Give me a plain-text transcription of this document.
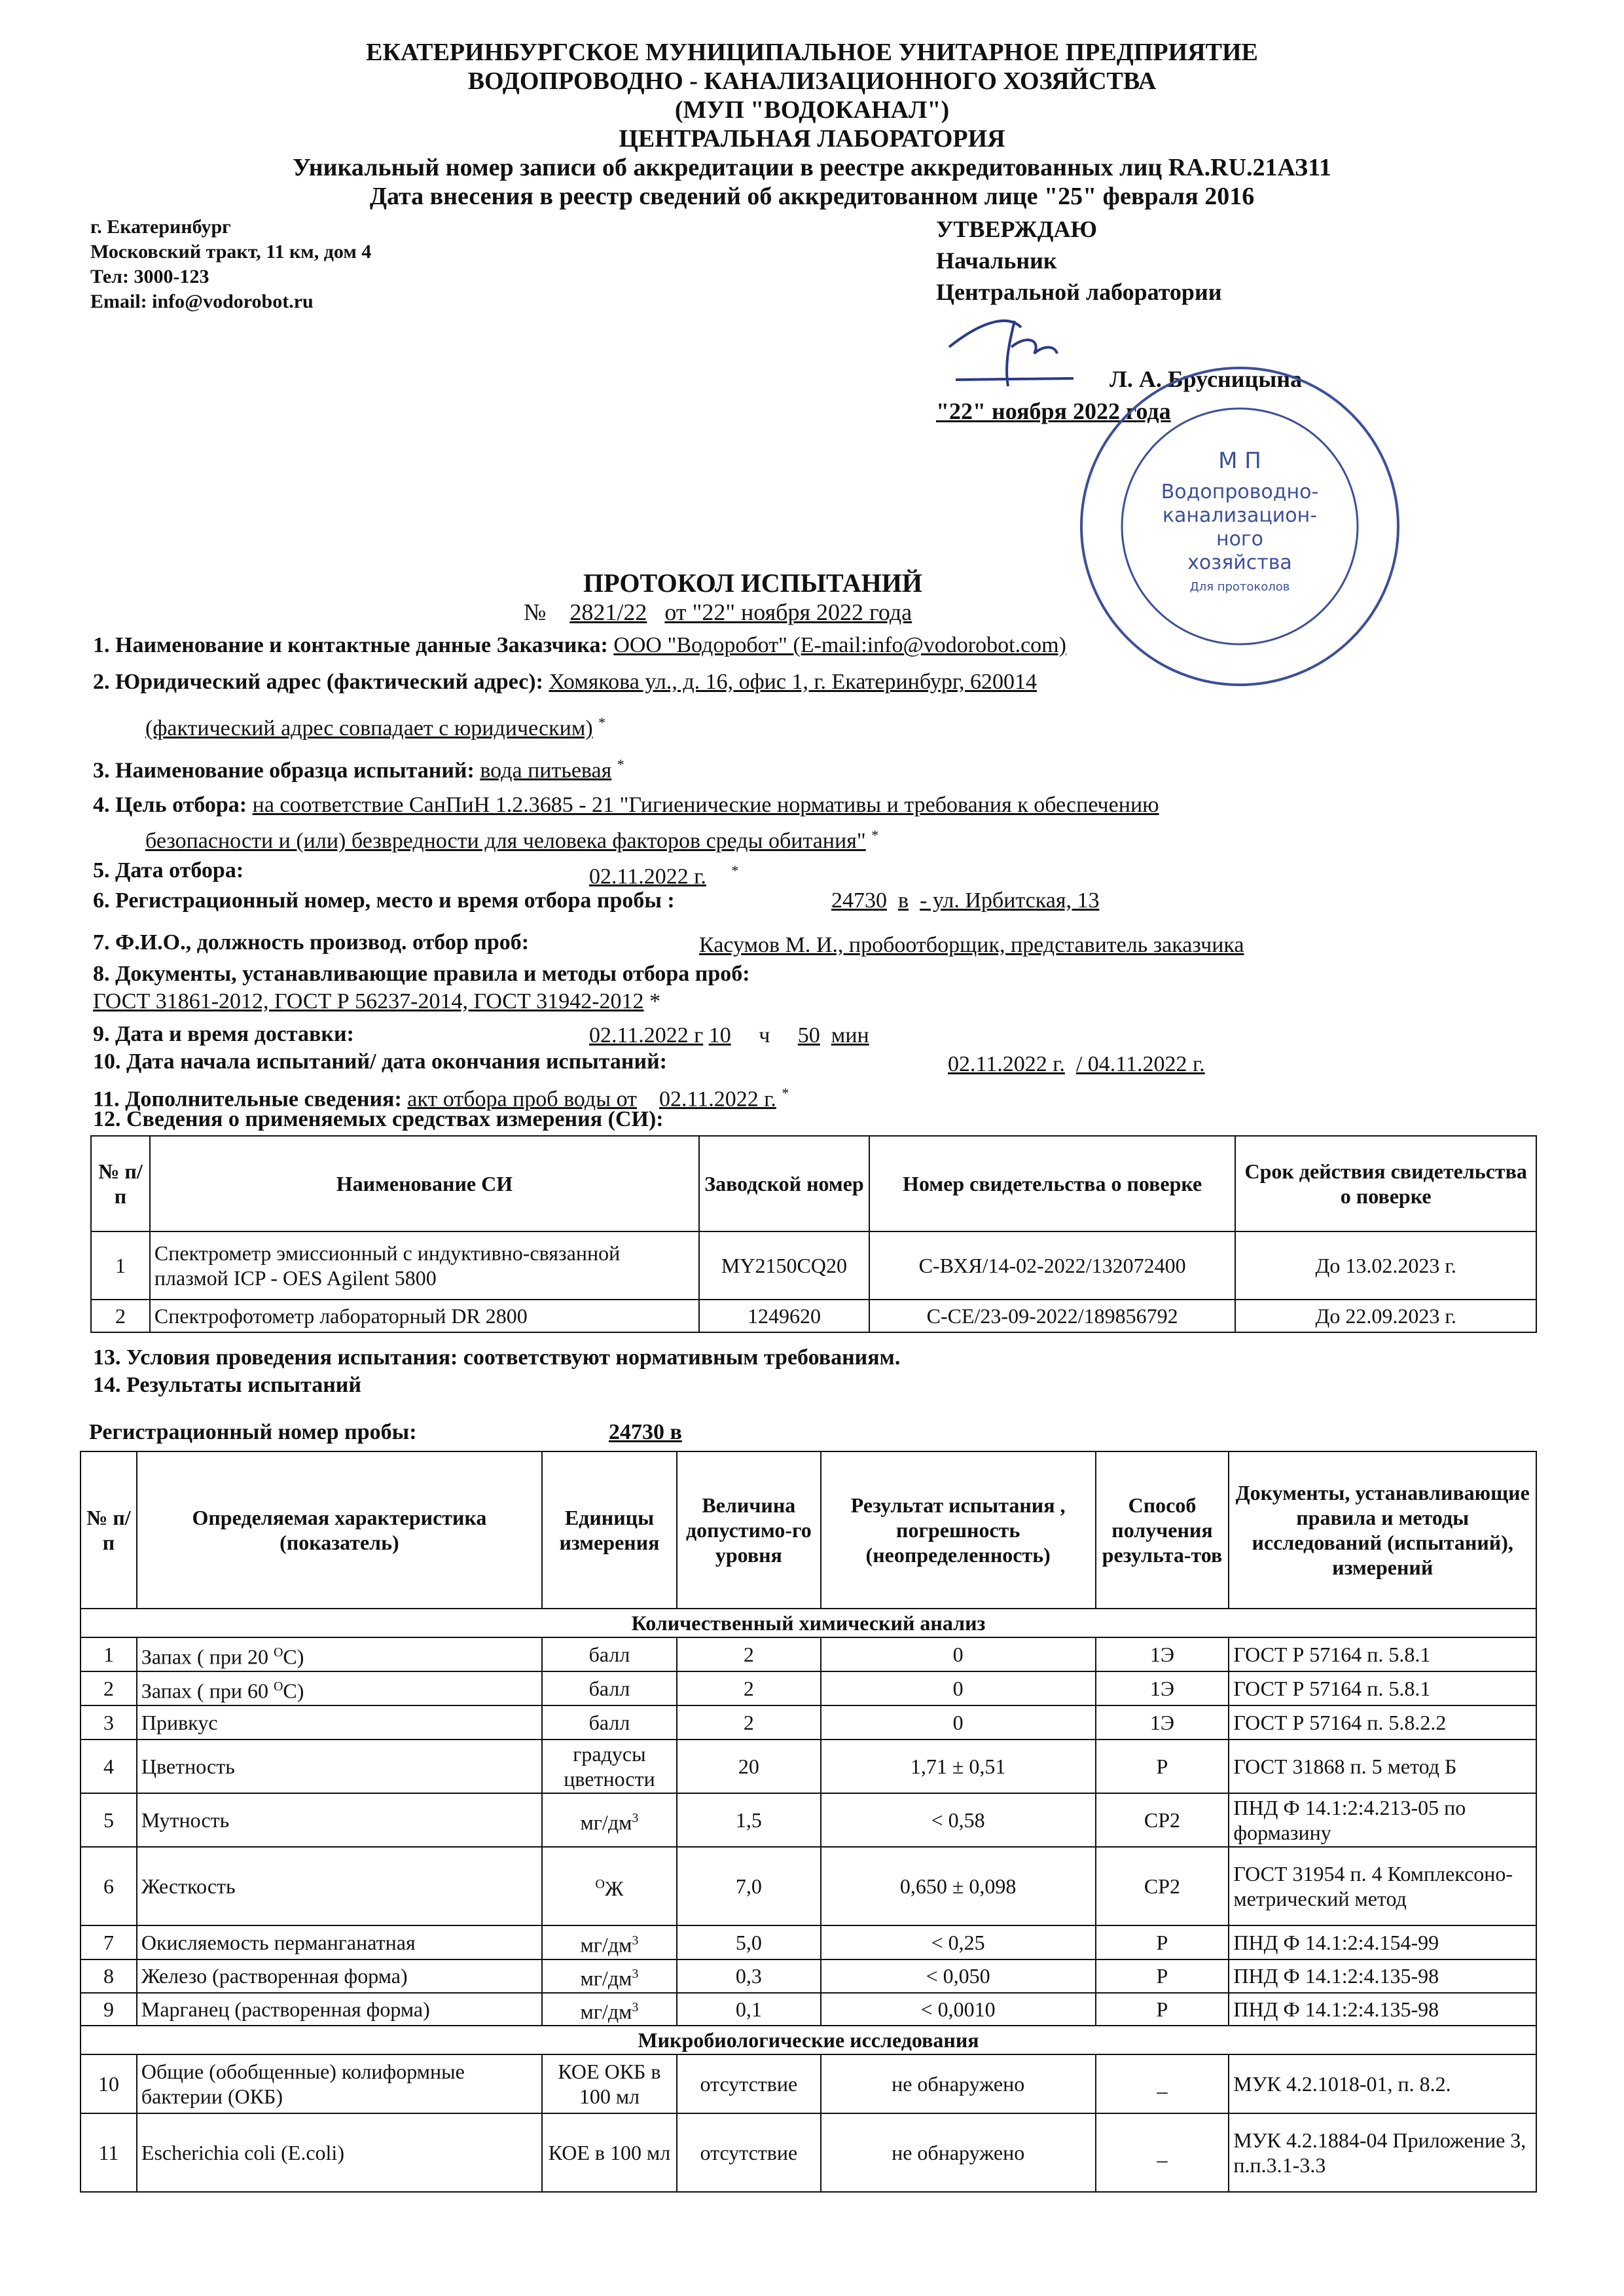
ЕКАТЕРИНБУРГСКОЕ МУНИЦИПАЛЬНОЕ УНИТАРНОЕ ПРЕДПРИЯТИЕ
ВОДОПРОВОДНО - КАНАЛИЗАЦИОННОГО ХОЗЯЙСТВА
(МУП "ВОДОКАНАЛ")
ЦЕНТРАЛЬНАЯ ЛАБОРАТОРИЯ
Уникальный номер записи об аккредитации в реестре аккредитованных лиц RA.RU.21АЗ11
Дата внесения в реестр сведений об аккредитованном лице "25" февраля 2016
г. Екатеринбург
Московский тракт, 11 км, дом 4
Тел: 3000-123
Email: info@vodorobot.ru
УТВЕРЖДАЮ
Начальник
Центральной лаборатории
Л. А. Брусницына
"22" ноября 2022 года
М П
Водопроводно-
канализацион-
ного
хозяйства
Для протоколов
ПРОТОКОЛ ИСПЫТАНИЙ
№ 2821/22 от "22" ноября 2022 года
1. Наименование и контактные данные Заказчика: ООО "Водоробот" (E-mail:info@vodorobot.com)
2. Юридический адрес (фактический адрес): Хомякова ул., д. 16, офис 1, г. Екатеринбург, 620014
(фактический адрес совпадает с юридическим) *
3. Наименование образца испытаний: вода питьевая *
4. Цель отбора: на соответствие СанПиН 1.2.3685 - 21 "Гигиенические нормативы и требования к обеспечению
безопасности и (или) безвредности для человека факторов среды обитания" *
5. Дата отбора:	02.11.2022 г. *
6. Регистрационный номер, место и время отбора пробы :	24730 в - ул. Ирбитская, 13
7. Ф.И.О., должность производ. отбор проб:	Касумов М. И., пробоотборщик, представитель заказчика
8. Документы, устанавливающие правила и методы отбора проб:
ГОСТ 31861-2012, ГОСТ Р 56237-2014, ГОСТ 31942-2012 *
9. Дата и время доставки:	02.11.2022 г 10 ч 50 мин
10. Дата начала испытаний/ дата окончания испытаний:	02.11.2022 г. / 04.11.2022 г.
11. Дополнительные сведения: акт отбора проб воды от 02.11.2022 г. *
12. Сведения о применяемых средствах измерения (СИ):
№ п/п	Наименование СИ	Заводской номер	Номер свидетельства о поверке	Срок действия свидетельства о поверке
1	Спектрометр эмиссионный с индуктивно-связанной плазмой ICP - OES Agilent 5800	MY2150CQ20	С-ВХЯ/14-02-2022/132072400	До 13.02.2023 г.
2	Спектрофотометр лабораторный DR 2800	1249620	С-СЕ/23-09-2022/189856792	До 22.09.2023 г.
13. Условия проведения испытания: соответствуют нормативным требованиям.
14. Результаты испытаний
Регистрационный номер пробы:	24730 в
№ п/п	Определяемая характеристика (показатель)	Единицы измерения	Величина допустимо-го уровня	Результат испытания , погрешность (неопределенность)	Способ получения результа-тов	Документы, устанавливающие правила и методы исследований (испытаний), измерений
Количественный химический анализ						
1	Запах ( при 20 $^O$C)	балл	2	0	1Э	ГОСТ Р 57164 п. 5.8.1
2	Запах ( при 60 $^O$C)	балл	2	0	1Э	ГОСТ Р 57164 п. 5.8.1
3	Привкус	балл	2	0	1Э	ГОСТ Р 57164 п. 5.8.2.2
4	Цветность	градусы цветности	20	1,71 ± 0,51	Р	ГОСТ 31868 п. 5 метод Б
5	Мутность	$мг/дм^3$	1,5	< 0,58	СР2	ПНД Ф 14.1:2:4.213-05 по формазину
6	Жесткость	$^О$Ж	7,0	0,650 ± 0,098	СР2	ГОСТ 31954 п. 4 Комплексоно-метрический метод
7	Окисляемость перманганатная	$мг/дм^3$	5,0	< 0,25	Р	ПНД Ф 14.1:2:4.154-99
8	Железо (растворенная форма)	$мг/дм^3$	0,3	< 0,050	Р	ПНД Ф 14.1:2:4.135-98
9	Марганец (растворенная форма)	$мг/дм^3$	0,1	< 0,0010	Р	ПНД Ф 14.1:2:4.135-98
Микробиологические исследования						
10	Общие (обобщенные) колиформные бактерии (ОКБ)	КОЕ ОКБ в 100 мл	отсутствие	не обнаружено	_	МУК 4.2.1018-01, п. 8.2.
11	Escherichia coli (E.coli)	КОЕ в 100 мл	отсутствие	не обнаружено	_	МУК 4.2.1884-04 Приложение 3, п.п.3.1-3.3
